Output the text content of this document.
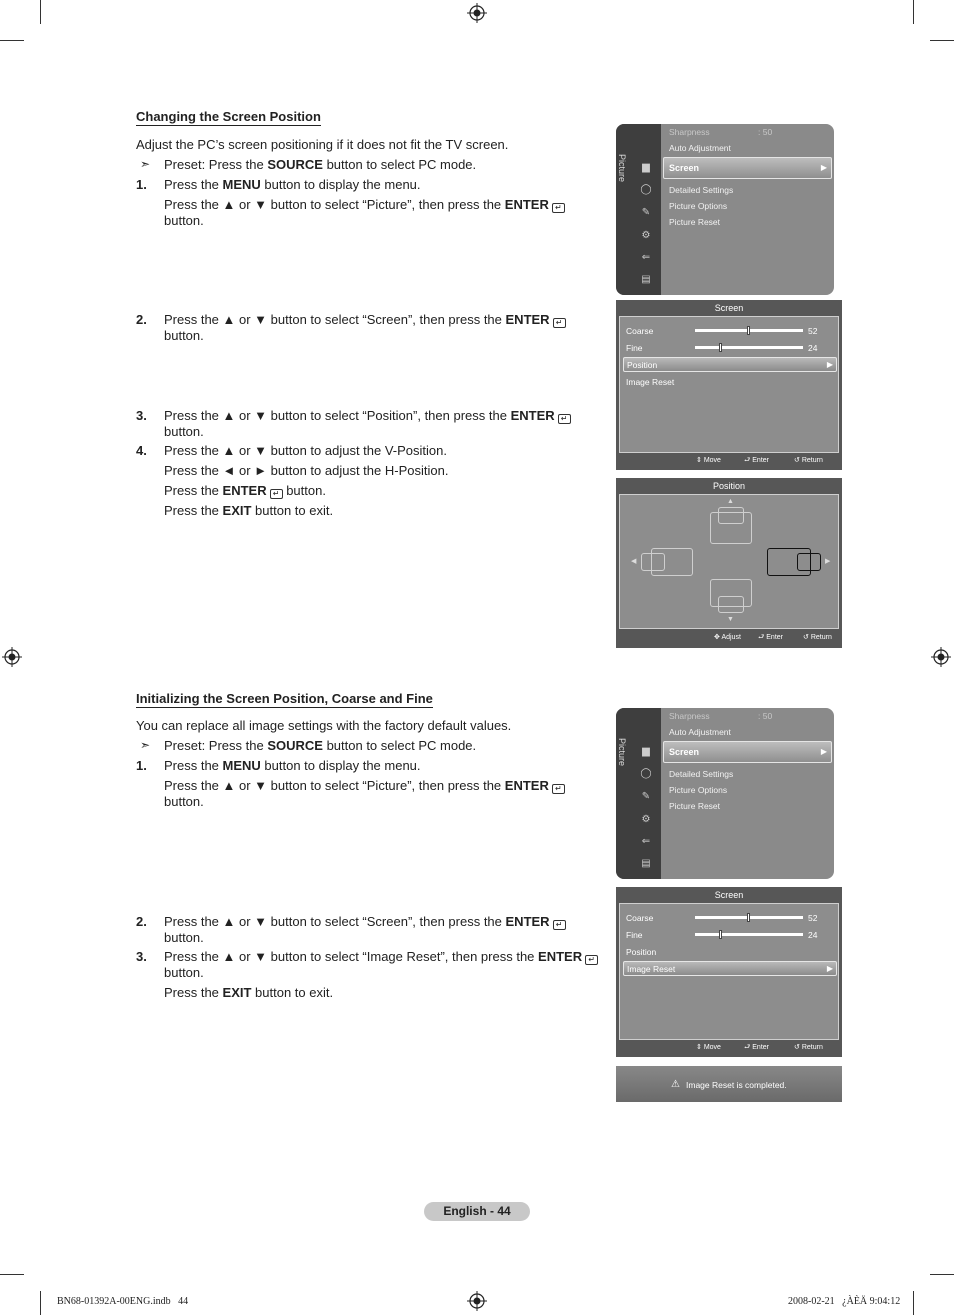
Changing the Screen Position
Adjust the PC’s screen positioning if it does not fit the TV screen.
➣ Preset: Press the SOURCE button to select PC mode.
1. Press the MENU button to display the menu.
Press the ▲ or ▼ button to select “Picture”, then press the ENTER ↵
button.
2. Press the ▲ or ▼ button to select “Screen”, then press the ENTER ↵
button.
3. Press the ▲ or ▼ button to select “Position”, then press the ENTER ↵
button.
4. Press the ▲ or ▼ button to adjust the V-Position.
Press the ◄ or ► button to adjust the H-Position.
Press the ENTER ↵ button.
Press the EXIT button to exit.
Picture ▆
◯
✎
⚙
⇐
▤
Sharpness	: 50
Auto Adjustment
Screen	▶
Detailed Settings
Picture Options
Picture Reset
Screen
Coarse	52
Fine	24
Position	▶
Image Reset
⇕ Move	⮐ Enter	↺ Return
Position
▲
◀	▶
▼
✥ Adjust ⮐ Enter	↺ Return
Initializing the Screen Position, Coarse and Fine
You can replace all image settings with the factory default values.
➣ Preset: Press the SOURCE button to select PC mode.
1. Press the MENU button to display the menu.
Press the ▲ or ▼ button to select “Picture”, then press the ENTER ↵
button.
2. Press the ▲ or ▼ button to select “Screen”, then press the ENTER ↵
button.
3. Press the ▲ or ▼ button to select “Image Reset”, then press the ENTER ↵
button.
Press the EXIT button to exit.
Picture ▆
◯
✎
⚙
⇐
▤
Sharpness	: 50
Auto Adjustment
Screen	▶
Detailed Settings
Picture Options
Picture Reset
Screen
Coarse	52
Fine	24
Position
Image Reset	▶
⇕ Move	⮐ Enter	↺ Return
⚠ Image Reset is completed.
English - 44
BN68-01392A-00ENG.indb   44	2008-02-21   ¿ÀÈÄ 9:04:12
